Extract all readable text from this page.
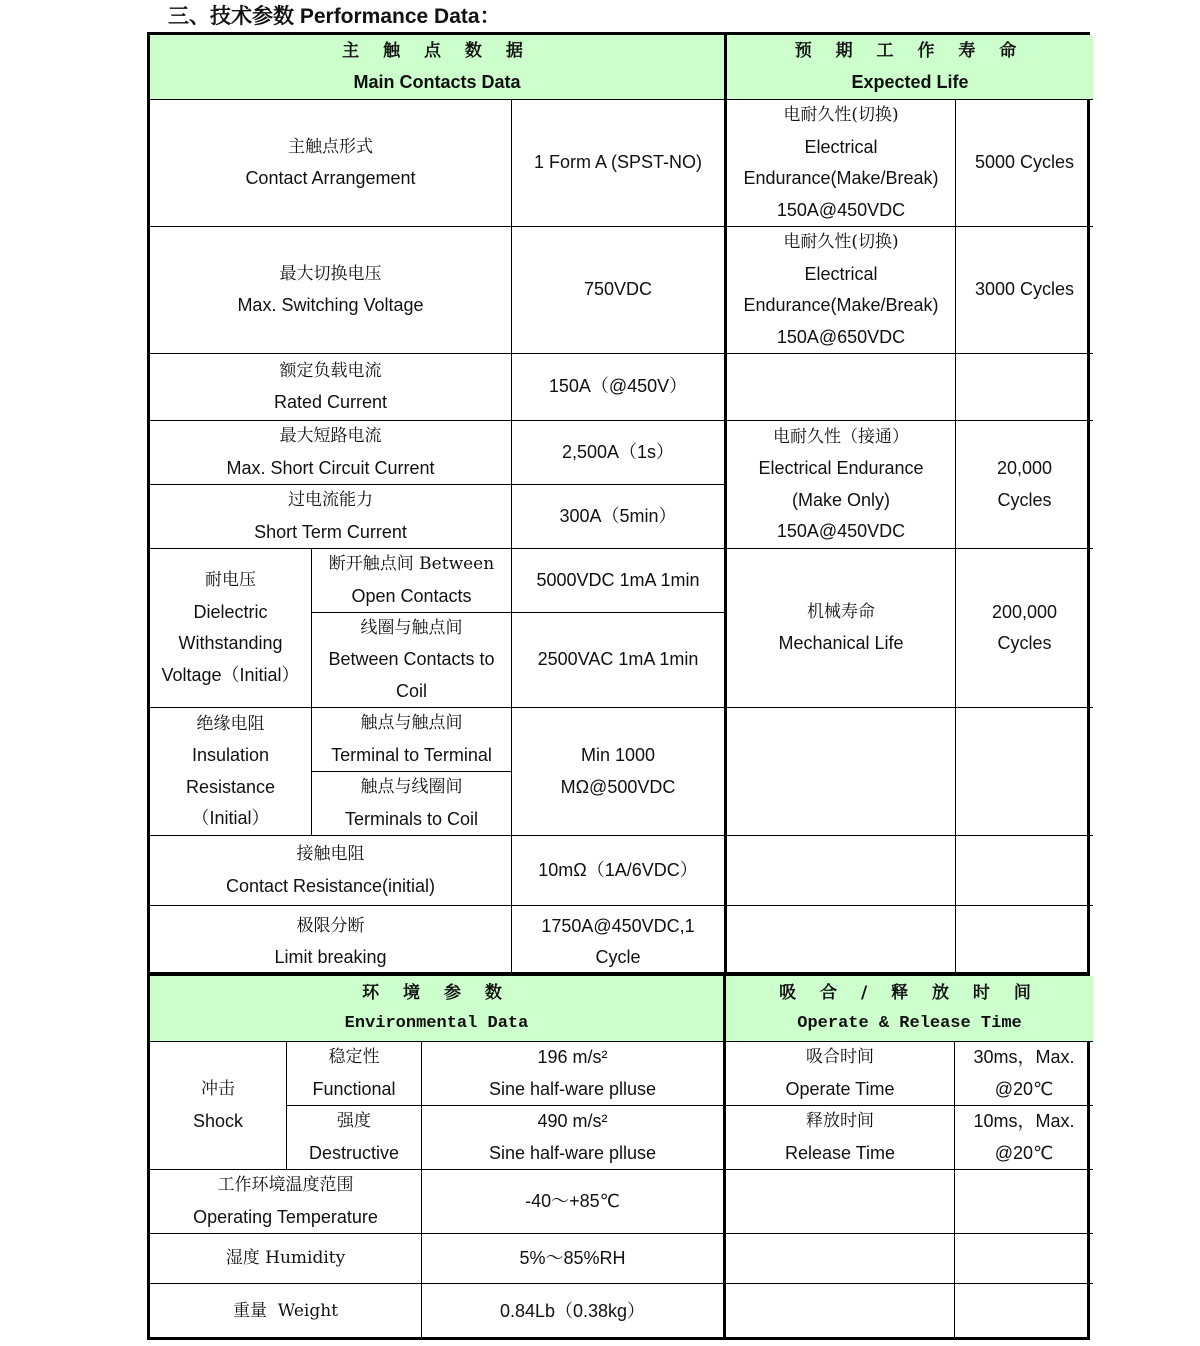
三、技术参数 Performance Data：
主 触 点 数 据
Main Contacts Data
预 期 工 作 寿 命
Expected Life
主触点形式
Contact Arrangement
1 Form A (SPST-NO)
电耐久性(切换)
Electrical
Endurance(Make/Break)
150A@450VDC
5000 Cycles
最大切换电压
Max. Switching Voltage
750VDC
电耐久性(切换)
Electrical
Endurance(Make/Break)
150A@650VDC
3000 Cycles
额定负载电流
Rated Current
150A（@450V）
最大短路电流
Max. Short Circuit Current
2,500A（1s）
电耐久性（接通）
Electrical Endurance
(Make Only)
150A@450VDC
20,000
Cycles
过电流能力
Short Term Current
300A（5min）
耐电压
Dielectric
Withstanding
Voltage（Initial）
断开触点间 Between
Open Contacts
5000VDC 1mA 1min
线圈与触点间
Between Contacts to
Coil
2500VAC 1mA 1min
机械寿命
Mechanical Life
200,000
Cycles
绝缘电阻
Insulation
Resistance
（Initial）
触点与触点间
Terminal to Terminal
触点与线圈间
Terminals to Coil
Min 1000
MΩ@500VDC
接触电阻
Contact Resistance(initial)
10mΩ（1A/6VDC）
极限分断
Limit breaking
1750A@450VDC,1
Cycle
环 境 参 数
Environmental Data
吸 合 / 释 放 时 间
Operate & Release Time
冲击
Shock
稳定性
Functional
196 m/s²
Sine half-ware plluse
吸合时间
Operate Time
30ms，Max.
@20℃
强度
Destructive
490 m/s²
Sine half-ware plluse
释放时间
Release Time
10ms，Max.
@20℃
工作环境温度范围
Operating Temperature
-40～+85℃
湿度 Humidity	5%～85%RH
重量  Weight	0.84Lb（0.38kg）
